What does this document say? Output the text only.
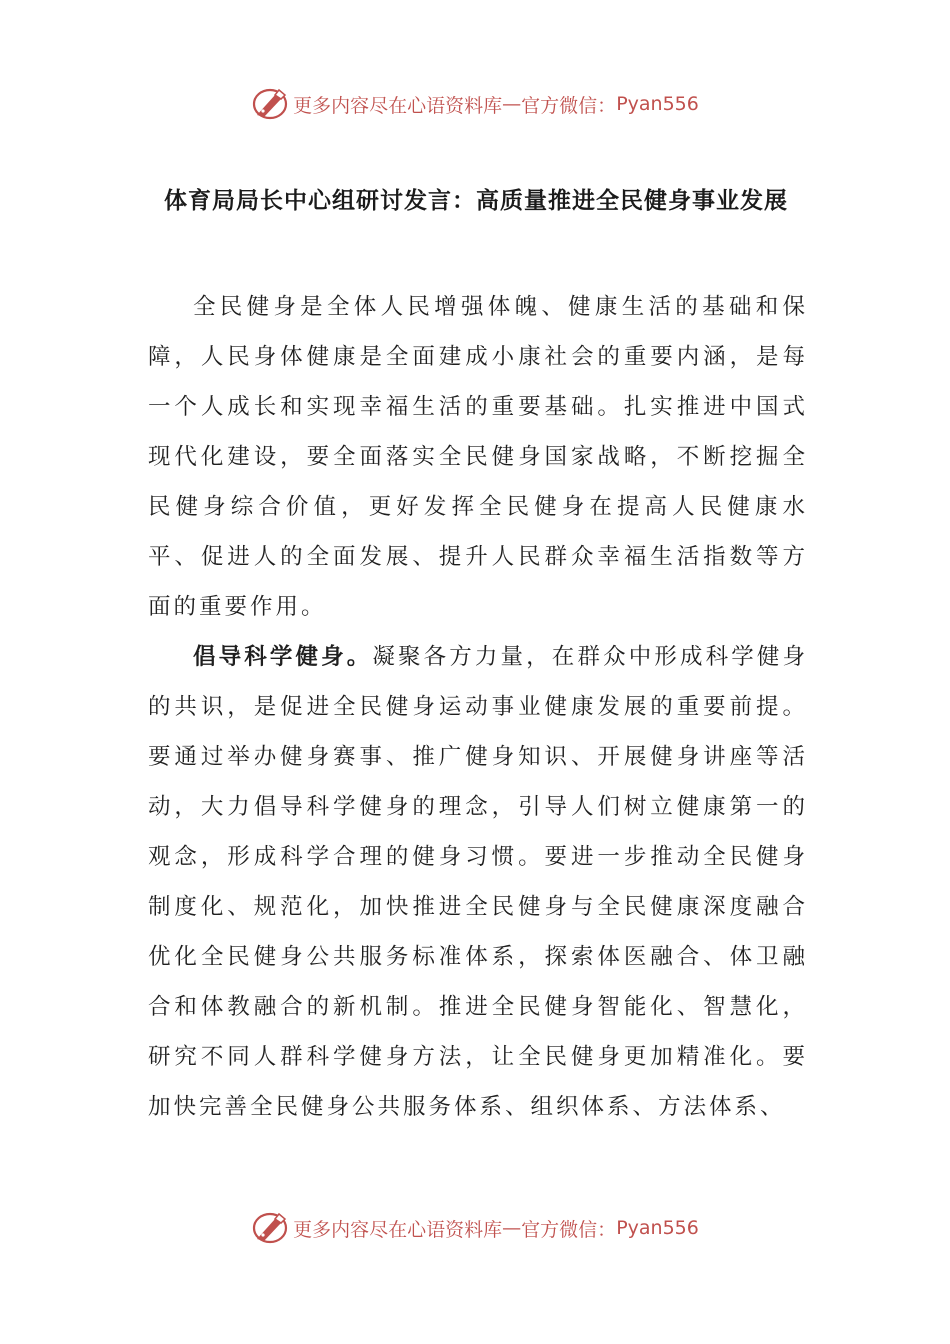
更多内容尽在心语资料库 — 官方微信： Pyan556
体育局局长中心组研讨发言：高质量推进全民健身事业发展

全民健身是全体人民增强体魄、健康生活的基础和保障，人民身体健康是全面建成小康社会的重要内涵，是每一个人成长和实现幸福生活的重要基础。扎实推进中国式现代化建设，要全面落实全民健身国家战略，不断挖掘全民健身综合价值，更好发挥全民健身在提高人民健康水平、促进人的全面发展、提升人民群众幸福生活指数等方面的重要作用。

倡导科学健身。凝聚各方力量，在群众中形成科学健身的共识，是促进全民健身运动事业健康发展的重要前提。要通过举办健身赛事、推广健身知识、开展健身讲座等活动，大力倡导科学健身的理念，引导人们树立健康第一的观念，形成科学合理的健身习惯。要进一步推动全民健身制度化、规范化，加快推进全民健身与全民健康深度融合优化全民健身公共服务标准体系，探索体医融合、体卫融合和体教融合的新机制。推进全民健身智能化、智慧化，研究不同人群科学健身方法，让全民健身更加精准化。要加快完善全民健身公共服务体系、组织体系、方法体系、

更多内容尽在心语资料库 — 官方微信： Pyan556
